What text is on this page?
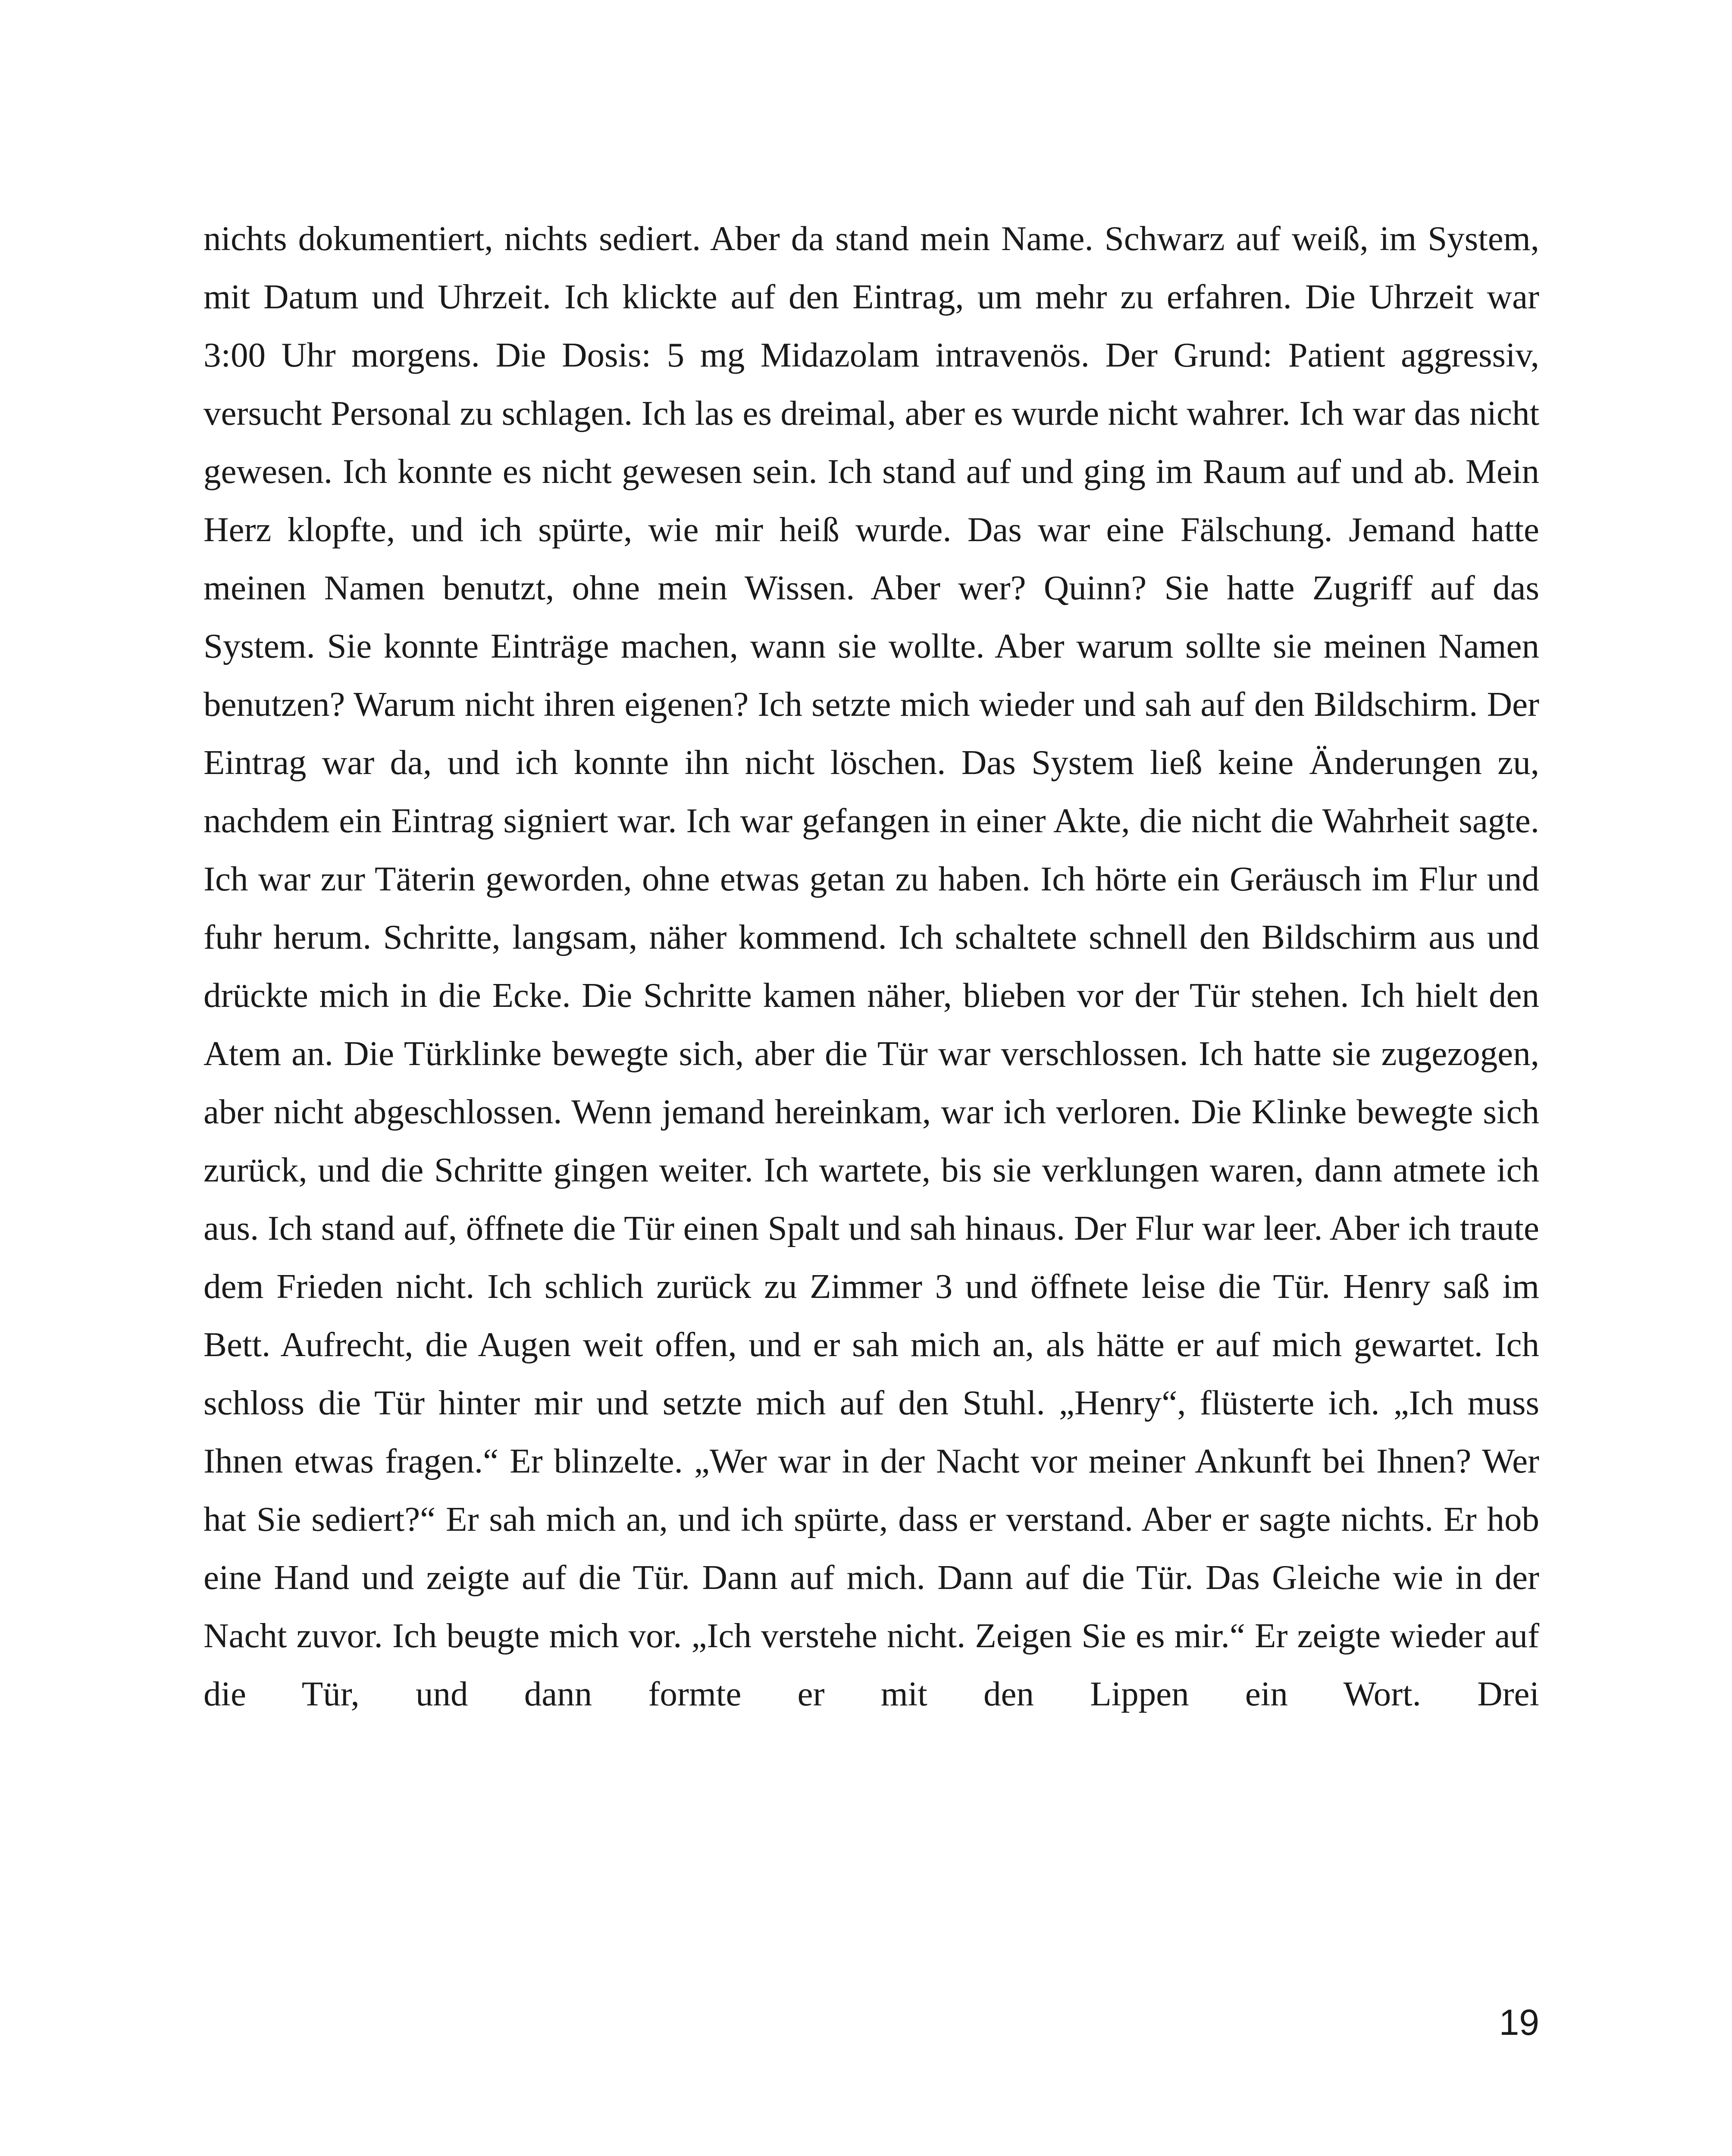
nichts dokumentiert, nichts sediert. Aber da stand mein Name. Schwarz auf weiß, im System, mit Datum und Uhrzeit. Ich klickte auf den Eintrag, um mehr zu erfahren. Die Uhrzeit war 3:00 Uhr morgens. Die Dosis: 5 mg Midazolam intravenös. Der Grund: Patient aggressiv, versucht Personal zu schlagen. Ich las es dreimal, aber es wurde nicht wahrer. Ich war das nicht gewesen. Ich konnte es nicht gewesen sein. Ich stand auf und ging im Raum auf und ab. Mein Herz klopfte, und ich spürte, wie mir heiß wurde. Das war eine Fälschung. Jemand hatte meinen Namen benutzt, ohne mein Wissen. Aber wer? Quinn? Sie hatte Zugriff auf das System. Sie konnte Einträge machen, wann sie wollte. Aber warum sollte sie meinen Namen benutzen? Warum nicht ihren eigenen? Ich setzte mich wieder und sah auf den Bildschirm. Der Eintrag war da, und ich konnte ihn nicht löschen. Das System ließ keine Änderungen zu, nachdem ein Eintrag signiert war. Ich war gefangen in einer Akte, die nicht die Wahrheit sagte. Ich war zur Täterin geworden, ohne etwas getan zu haben. Ich hörte ein Geräusch im Flur und fuhr herum. Schritte, langsam, näher kommend. Ich schaltete schnell den Bildschirm aus und drückte mich in die Ecke. Die Schritte kamen näher, blieben vor der Tür stehen. Ich hielt den Atem an. Die Türklinke bewegte sich, aber die Tür war verschlossen. Ich hatte sie zugezogen, aber nicht abgeschlossen. Wenn jemand hereinkam, war ich verloren. Die Klinke bewegte sich zurück, und die Schritte gingen weiter. Ich wartete, bis sie verklungen waren, dann atmete ich aus. Ich stand auf, öffnete die Tür einen Spalt und sah hinaus. Der Flur war leer. Aber ich traute dem Frieden nicht. Ich schlich zurück zu Zimmer 3 und öffnete leise die Tür. Henry saß im Bett. Aufrecht, die Augen weit offen, und er sah mich an, als hätte er auf mich gewartet. Ich schloss die Tür hinter mir und setzte mich auf den Stuhl. „Henry“, flüsterte ich. „Ich muss Ihnen etwas fragen.“ Er blinzelte. „Wer war in der Nacht vor meiner Ankunft bei Ihnen? Wer hat Sie sediert?“ Er sah mich an, und ich spürte, dass er verstand. Aber er sagte nichts. Er hob eine Hand und zeigte auf die Tür. Dann auf mich. Dann auf die Tür. Das Gleiche wie in der Nacht zuvor. Ich beugte mich vor. „Ich verstehe nicht. Zeigen Sie es mir.“ Er zeigte wieder auf die Tür, und dann formte er mit den Lippen ein Wort. Drei

19
